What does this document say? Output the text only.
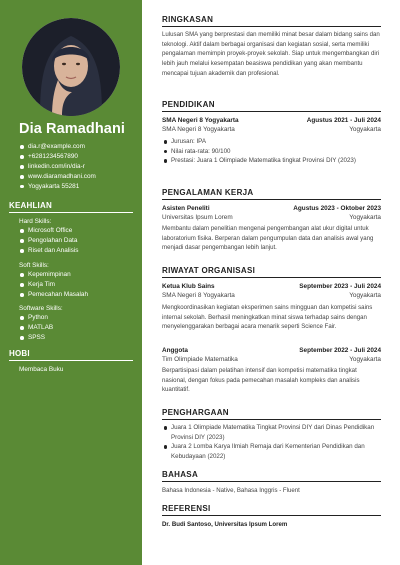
Dia Ramadhani
dia.r@example.com
+6281234567890
linkedin.com/in/dia-r
www.diaramadhani.com
Yogyakarta 55281
KEAHLIAN
Hard Skills:
Microsoft Office
Pengolahan Data
Riset dan Analisis
Soft Skills:
Kepemimpinan
Kerja Tim
Pemecahan Masalah
Software Skills:
Python
MATLAB
SPSS
HOBI
Membaca Buku
RINGKASAN
Lulusan SMA yang berprestasi dan memiliki minat besar dalam bidang sains dan teknologi. Aktif dalam berbagai organisasi dan kegiatan sosial, serta memiliki pengalaman memimpin proyek-proyek sekolah. Siap untuk mengembangkan diri lebih jauh melalui kesempatan beasiswa pendidikan yang akan membantu mencapai tujuan akademik dan profesional.
PENDIDIKAN
SMA Negeri 8 Yogyakarta	Agustus 2021 - Juli 2024
SMA Negeri 8 Yogyakarta	Yogyakarta
Jurusan: IPA
Nilai rata-rata: 90/100
Prestasi: Juara 1 Olimpiade Matematika tingkat Provinsi DIY (2023)
PENGALAMAN KERJA
Asisten Peneliti	Agustus 2023 - Oktober 2023
Universitas Ipsum Lorem	Yogyakarta
Membantu dalam penelitian mengenai pengembangan alat ukur digital untuk laboratorium fisika. Berperan dalam pengumpulan data dan analisis awal yang menjadi dasar pengembangan lebih lanjut.
RIWAYAT ORGANISASI
Ketua Klub Sains	September 2023 - Juli 2024
SMA Negeri 8 Yogyakarta	Yogyakarta
Mengkoordinasikan kegiatan eksperimen sains mingguan dan kompetisi sains internal sekolah. Berhasil meningkatkan minat siswa terhadap sains dengan menyelenggarakan berbagai acara menarik seperti Science Fair.
Anggota	September 2022 - Juli 2024
Tim Olimpiade Matematika	Yogyakarta
Berpartisipasi dalam pelatihan intensif dan kompetisi matematika tingkat nasional, dengan fokus pada pemecahan masalah kompleks dan analisis kuantitatif.
PENGHARGAAN
Juara 1 Olimpiade Matematika Tingkat Provinsi DIY dari Dinas Pendidikan Provinsi DIY (2023)
Juara 2 Lomba Karya Ilmiah Remaja dari Kementerian Pendidikan dan Kebudayaan (2022)
BAHASA
Bahasa Indonesia - Native, Bahasa Inggris - Fluent
REFERENSI
Dr. Budi Santoso, Universitas Ipsum Lorem
